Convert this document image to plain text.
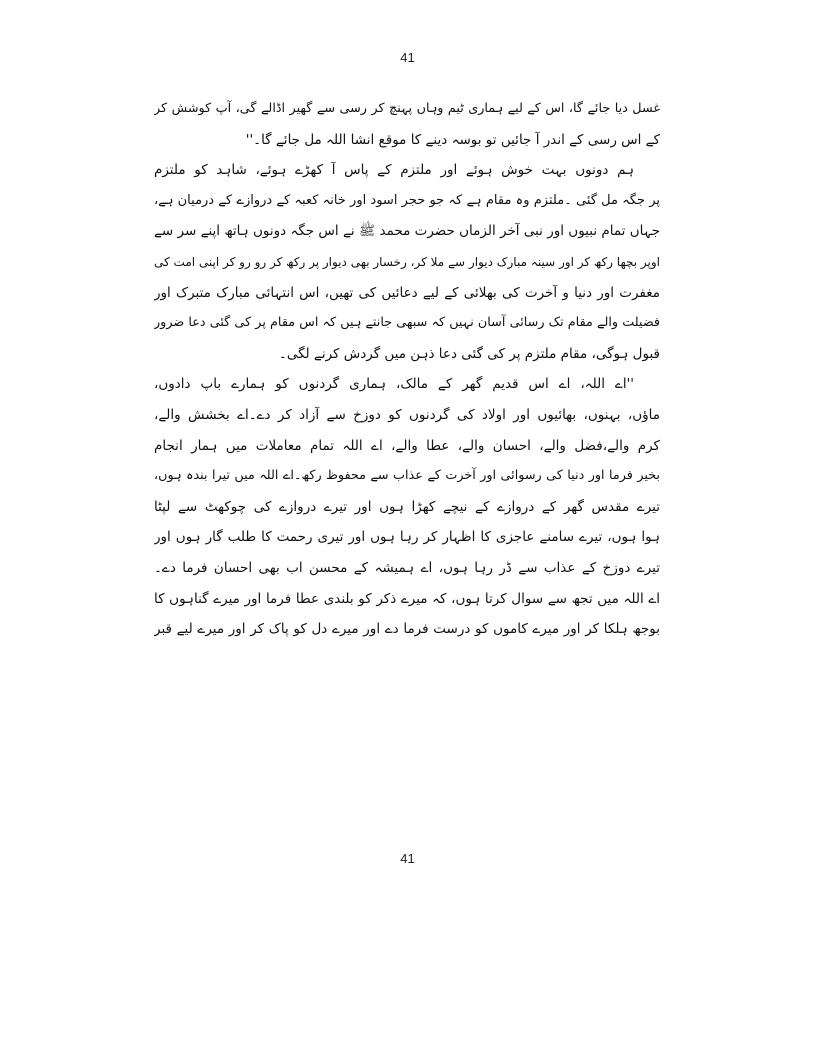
41
غسل دیا جائے گا، اس کے لیے ہماری ٹیم وہاں پہنچ کر رسی سے گھیر اڈالے گی، آپ کوشش کر
کے اس رسی کے اندر آ جائیں تو بوسہ دینے کا موقع انشا اللہ مل جائے گا۔''
ہم دونوں بہت خوش ہوئے اور ملتزم کے پاس آ کھڑے ہوئے، شاہد کو ملتزم
پر جگہ مل گئی ۔ملتزم وہ مقام ہے کہ جو حجر اسود اور خانہ کعبہ کے دروازے کے درمیان ہے،
جہاں تمام نبیوں اور نبی آخر الزماں حضرت محمد ﷺ نے اس جگہ دونوں ہاتھ اپنے سر سے
اوپر بچھا رکھ کر اور سینہ مبارک دیوار سے ملا کر، رخسار بھی دیوار پر رکھ کر رو رو کر اپنی امت کی
مغفرت اور دنیا و آخرت کی بھلائی کے لیے دعائیں کی تھیں، اس انتہائی مبارک متبرک اور
فضیلت والے مقام تک رسائی آسان نہیں کہ سبھی جانتے ہیں کہ اس مقام پر کی گئی دعا ضرور
قبول ہوگی، مقام ملتزم پر کی گئی دعا ذہن میں گردش کرنے لگی۔
''اے اللہ، اے اس قدیم گھر کے مالک، ہماری گردنوں کو ہمارے باپ دادوں،
ماؤں، بہنوں، بھائیوں اور اولاد کی گردنوں کو دوزخ سے آزاد کر دے۔اے بخشش والے،
کرم والے،فضل والے، احسان والے، عطا والے، اے اللہ تمام معاملات میں ہمار انجام
بخیر فرما اور دنیا کی رسوائی اور آخرت کے عذاب سے محفوظ رکھ۔اے اللہ میں تیرا بندہ ہوں،
تیرے مقدس گھر کے دروازے کے نیچے کھڑا ہوں اور تیرے دروازے کی چوکھٹ سے لپٹا
ہوا ہوں، تیرے سامنے عاجزی کا اظہار کر رہا ہوں اور تیری رحمت کا طلب گار ہوں اور
تیرے دوزخ کے عذاب سے ڈر رہا ہوں، اے ہمیشہ کے محسن اب بھی احسان فرما دے۔
اے اللہ میں تجھ سے سوال کرتا ہوں، کہ میرے ذکر کو بلندی عطا فرما اور میرے گناہوں کا
بوجھ ہلکا کر اور میرے کاموں کو درست فرما دے اور میرے دل کو پاک کر اور میرے لیے قبر
41
